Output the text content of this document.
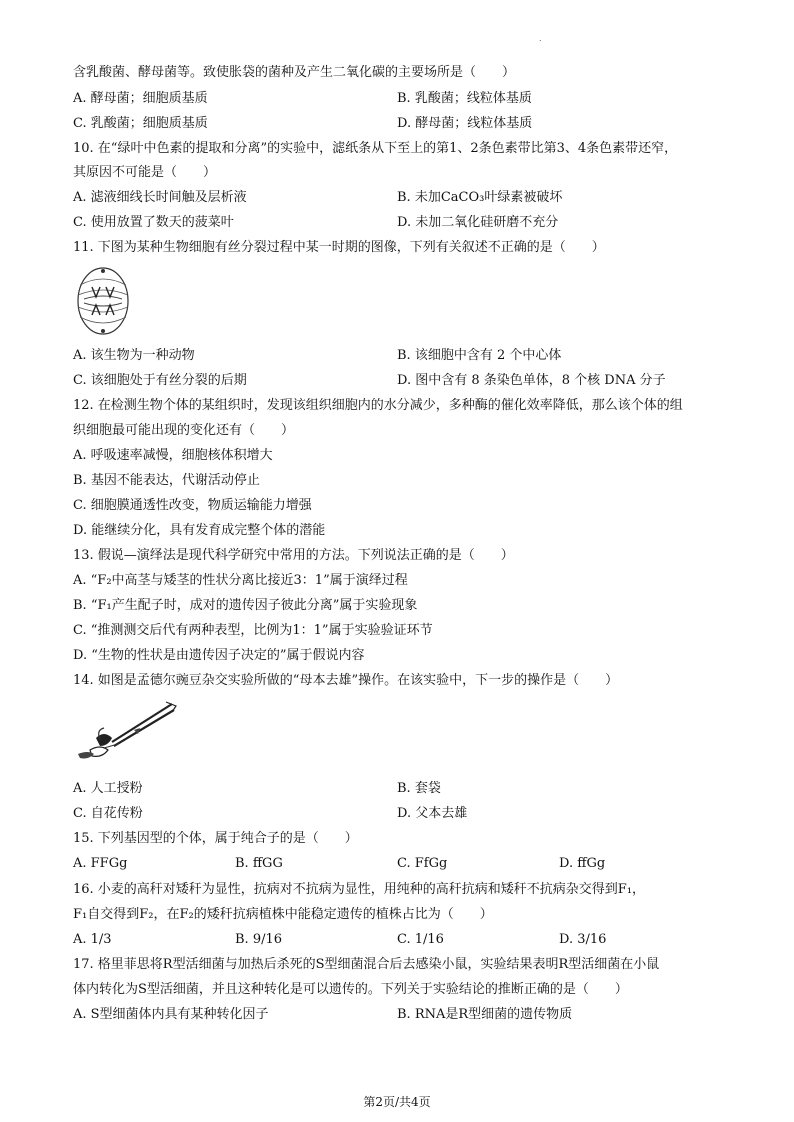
.
含乳酸菌、酵母菌等。致使胀袋的菌种及产生二氧化碳的主要场所是（　　）
A. 酵母菌；细胞质基质	B. 乳酸菌；线粒体基质
C. 乳酸菌；细胞质基质	D. 酵母菌；线粒体基质
10. 在“绿叶中色素的提取和分离”的实验中，滤纸条从下至上的第1、2条色素带比第3、4条色素带还窄，
其原因不可能是（　　）
A. 滤液细线长时间触及层析液	B. 未加CaCO₃叶绿素被破坏
C. 使用放置了数天的菠菜叶	D. 未加二氧化硅研磨不充分
11. 下图为某种生物细胞有丝分裂过程中某一时期的图像，下列有关叙述不正确的是（　　）
A. 该生物为一种动物	B. 该细胞中含有 2 个中心体
C. 该细胞处于有丝分裂的后期	D. 图中含有 8 条染色单体，8 个核 DNA 分子
12. 在检测生物个体的某组织时，发现该组织细胞内的水分减少，多种酶的催化效率降低，那么该个体的组
织细胞最可能出现的变化还有（　　）
A. 呼吸速率减慢，细胞核体积增大
B. 基因不能表达，代谢活动停止
C. 细胞膜通透性改变，物质运输能力增强
D. 能继续分化，具有发育成完整个体的潜能
13. 假说—演绎法是现代科学研究中常用的方法。下列说法正确的是（　　）
A. “F₂中高茎与矮茎的性状分离比接近3：1”属于演绎过程
B. “F₁产生配子时，成对的遗传因子彼此分离”属于实验现象
C. “推测测交后代有两种表型，比例为1：1”属于实验验证环节
D. “生物的性状是由遗传因子决定的”属于假说内容
14. 如图是孟德尔豌豆杂交实验所做的“母本去雄”操作。在该实验中，下一步的操作是（　　）
A. 人工授粉	B. 套袋
C. 自花传粉	D. 父本去雄
15. 下列基因型的个体，属于纯合子的是（　　）
A. FFGg	B. ffGG	C. FfGg	D. ffGg
16. 小麦的高秆对矮秆为显性，抗病对不抗病为显性，用纯种的高秆抗病和矮秆不抗病杂交得到F₁，
F₁自交得到F₂，在F₂的矮秆抗病植株中能稳定遗传的植株占比为（　　）
A. 1/3	B. 9/16	C. 1/16	D. 3/16
17. 格里菲思将R型活细菌与加热后杀死的S型细菌混合后去感染小鼠，实验结果表明R型活细菌在小鼠
体内转化为S型活细菌，并且这种转化是可以遗传的。下列关于实验结论的推断正确的是（　　）
A. S型细菌体内具有某种转化因子	B. RNA是R型细菌的遗传物质
第2页/共4页
